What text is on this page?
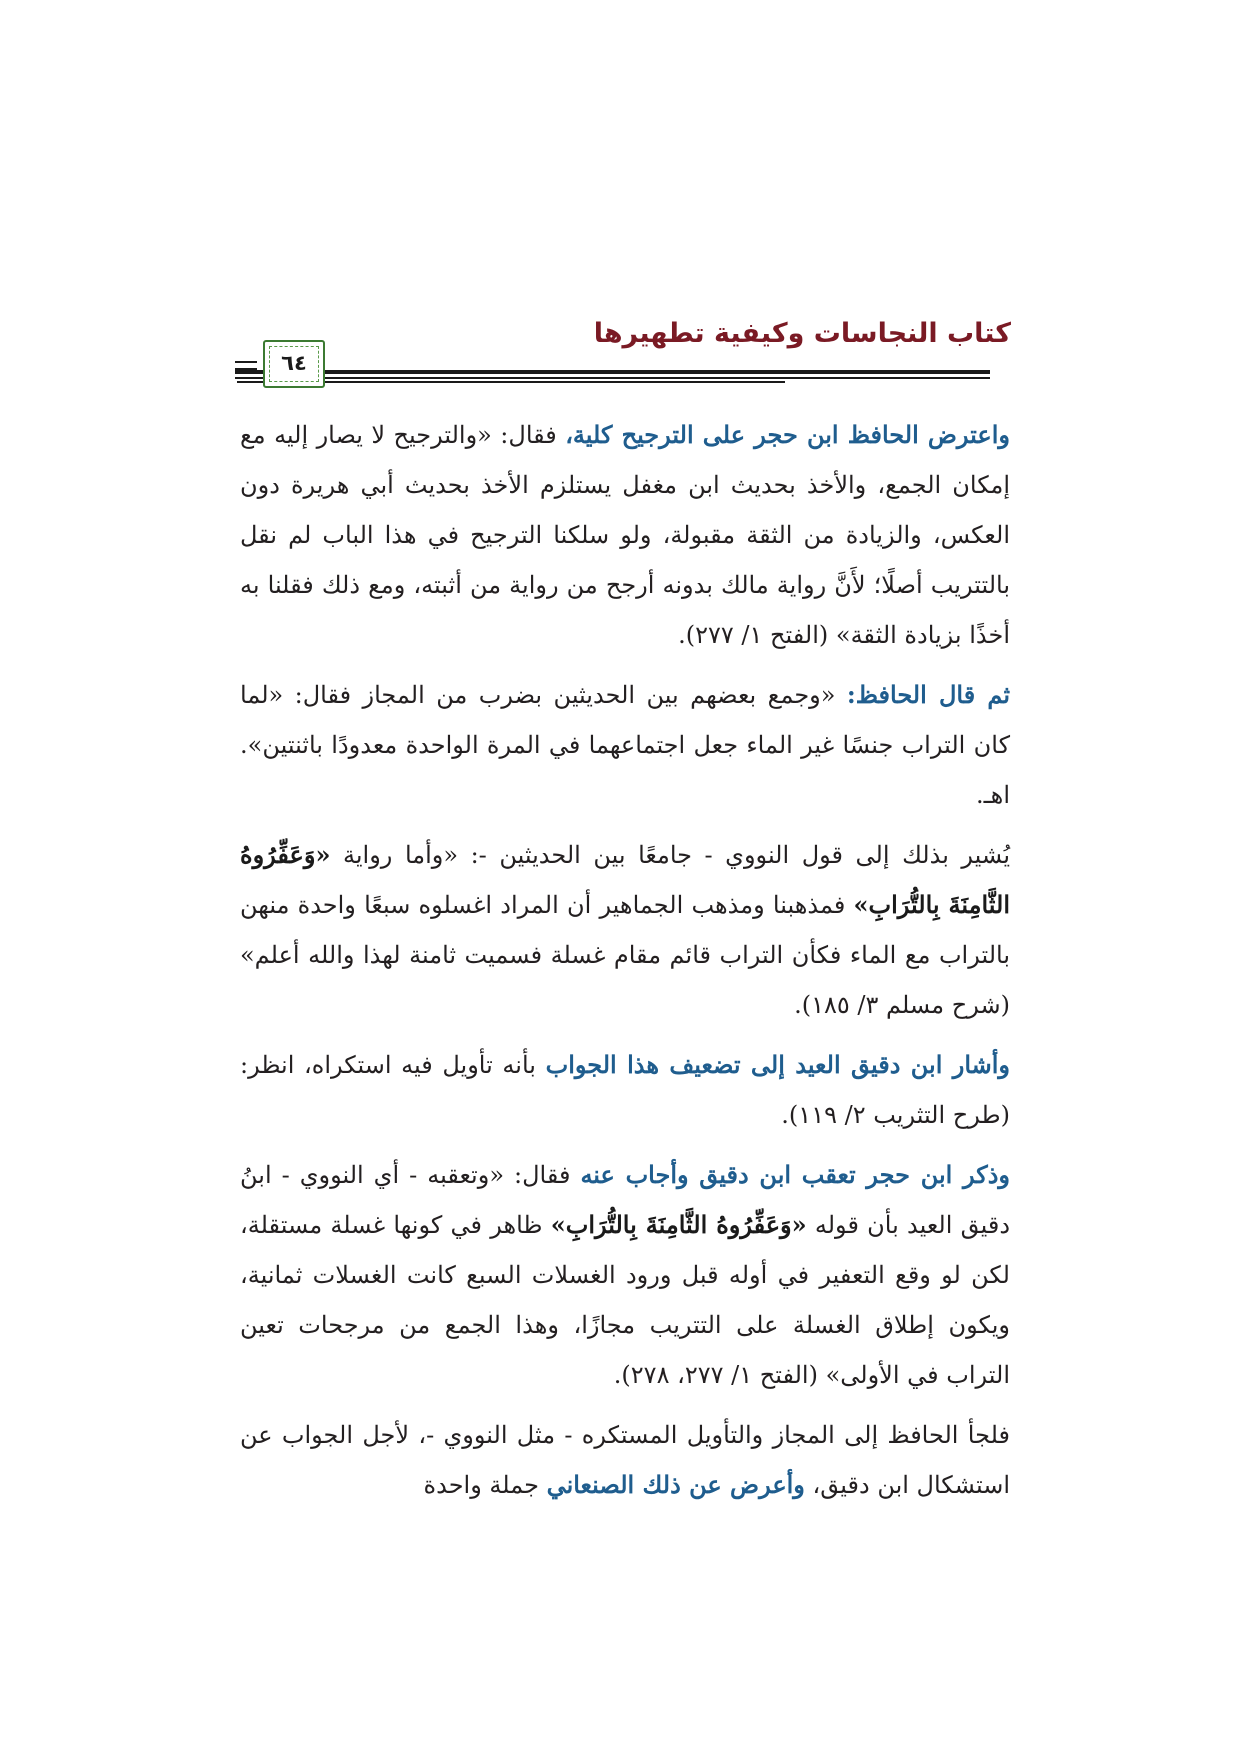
كتاب النجاسات وكيفية تطهيرها
٦٤

واعترض الحافظ ابن حجر على الترجيح كلية، فقال: «والترجيح لا يصار إليه مع إمكان الجمع، والأخذ بحديث ابن مغفل يستلزم الأخذ بحديث أبي هريرة دون العكس، والزيادة من الثقة مقبولة، ولو سلكنا الترجيح في هذا الباب لم نقل بالتتريب أصلًا؛ لأَنَّ رواية مالك بدونه أرجح من رواية من أثبته، ومع ذلك فقلنا به أخذًا بزيادة الثقة» (الفتح ١/ ٢٧٧).

ثم قال الحافظ: «وجمع بعضهم بين الحديثين بضرب من المجاز فقال: «لما كان التراب جنسًا غير الماء جعل اجتماعهما في المرة الواحدة معدودًا باثنتين». اهـ.

يُشير بذلك إلى قول النووي - جامعًا بين الحديثين -: «وأما رواية «وَعَفِّرُوهُ الثَّامِنَةَ بِالتُّرَابِ» فمذهبنا ومذهب الجماهير أن المراد اغسلوه سبعًا واحدة منهن بالتراب مع الماء فكأن التراب قائم مقام غسلة فسميت ثامنة لهذا والله أعلم» (شرح مسلم ٣/ ١٨٥).

وأشار ابن دقيق العيد إلى تضعيف هذا الجواب بأنه تأويل فيه استكراه، انظر: (طرح التثريب ٢/ ١١٩).

وذكر ابن حجر تعقب ابن دقيق وأجاب عنه فقال: «وتعقبه - أي النووي - ابنُ دقيق العيد بأن قوله «وَعَفِّرُوهُ الثَّامِنَةَ بِالتُّرَابِ» ظاهر في كونها غسلة مستقلة، لكن لو وقع التعفير في أوله قبل ورود الغسلات السبع كانت الغسلات ثمانية، ويكون إطلاق الغسلة على التتريب مجازًا، وهذا الجمع من مرجحات تعين التراب في الأولى» (الفتح ١/ ٢٧٧، ٢٧٨).

فلجأ الحافظ إلى المجاز والتأويل المستكره - مثل النووي -، لأجل الجواب عن استشكال ابن دقيق، وأعرض عن ذلك الصنعاني جملة واحدة
